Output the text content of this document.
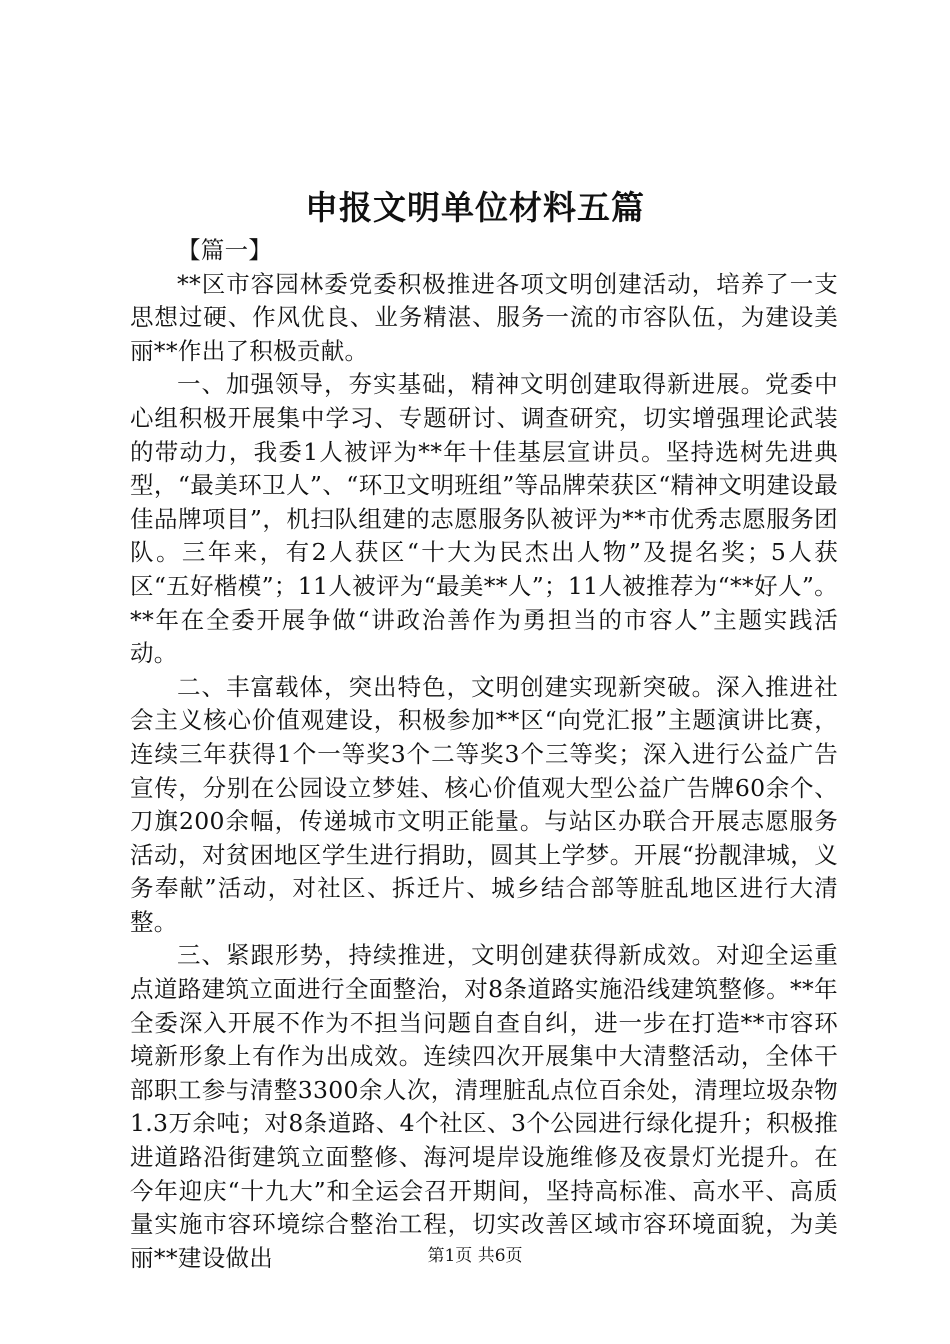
申报文明单位材料五篇

【篇一】

**区市容园林委党委积极推进各项文明创建活动，培养了一支思想过硬、作风优良、业务精湛、服务一流的市容队伍，为建设美丽**作出了积极贡献。

一、加强领导，夯实基础，精神文明创建取得新进展。党委中心组积极开展集中学习、专题研讨、调查研究，切实增强理论武装的带动力，我委1人被评为**年十佳基层宣讲员。坚持选树先进典型，“最美环卫人”、“环卫文明班组”等品牌荣获区“精神文明建设最佳品牌项目”，机扫队组建的志愿服务队被评为**市优秀志愿服务团队。三年来，有2人获区“十大为民杰出人物”及提名奖；5人获区“五好楷模”；11人被评为“最美**人”；11人被推荐为“**好人”。**年在全委开展争做“讲政治善作为勇担当的市容人”主题实践活动。

二、丰富载体，突出特色，文明创建实现新突破。深入推进社会主义核心价值观建设，积极参加**区“向党汇报”主题演讲比赛，连续三年获得1个一等奖3个二等奖3个三等奖；深入进行公益广告宣传，分别在公园设立梦娃、核心价值观大型公益广告牌60余个、刀旗200余幅，传递城市文明正能量。与站区办联合开展志愿服务活动，对贫困地区学生进行捐助，圆其上学梦。开展“扮靓津城，义务奉献”活动，对社区、拆迁片、城乡结合部等脏乱地区进行大清整。

三、紧跟形势，持续推进，文明创建获得新成效。对迎全运重点道路建筑立面进行全面整治，对8条道路实施沿线建筑整修。**年全委深入开展不作为不担当问题自查自纠，进一步在打造**市容环境新形象上有作为出成效。连续四次开展集中大清整活动，全体干部职工参与清整3300余人次，清理脏乱点位百余处，清理垃圾杂物1.3万余吨；对8条道路、4个社区、3个公园进行绿化提升；积极推进道路沿街建筑立面整修、海河堤岸设施维修及夜景灯光提升。在今年迎庆“十九大”和全运会召开期间，坚持高标准、高水平、高质量实施市容环境综合整治工程，切实改善区域市容环境面貌，为美丽**建设做出	第1页 共6页
